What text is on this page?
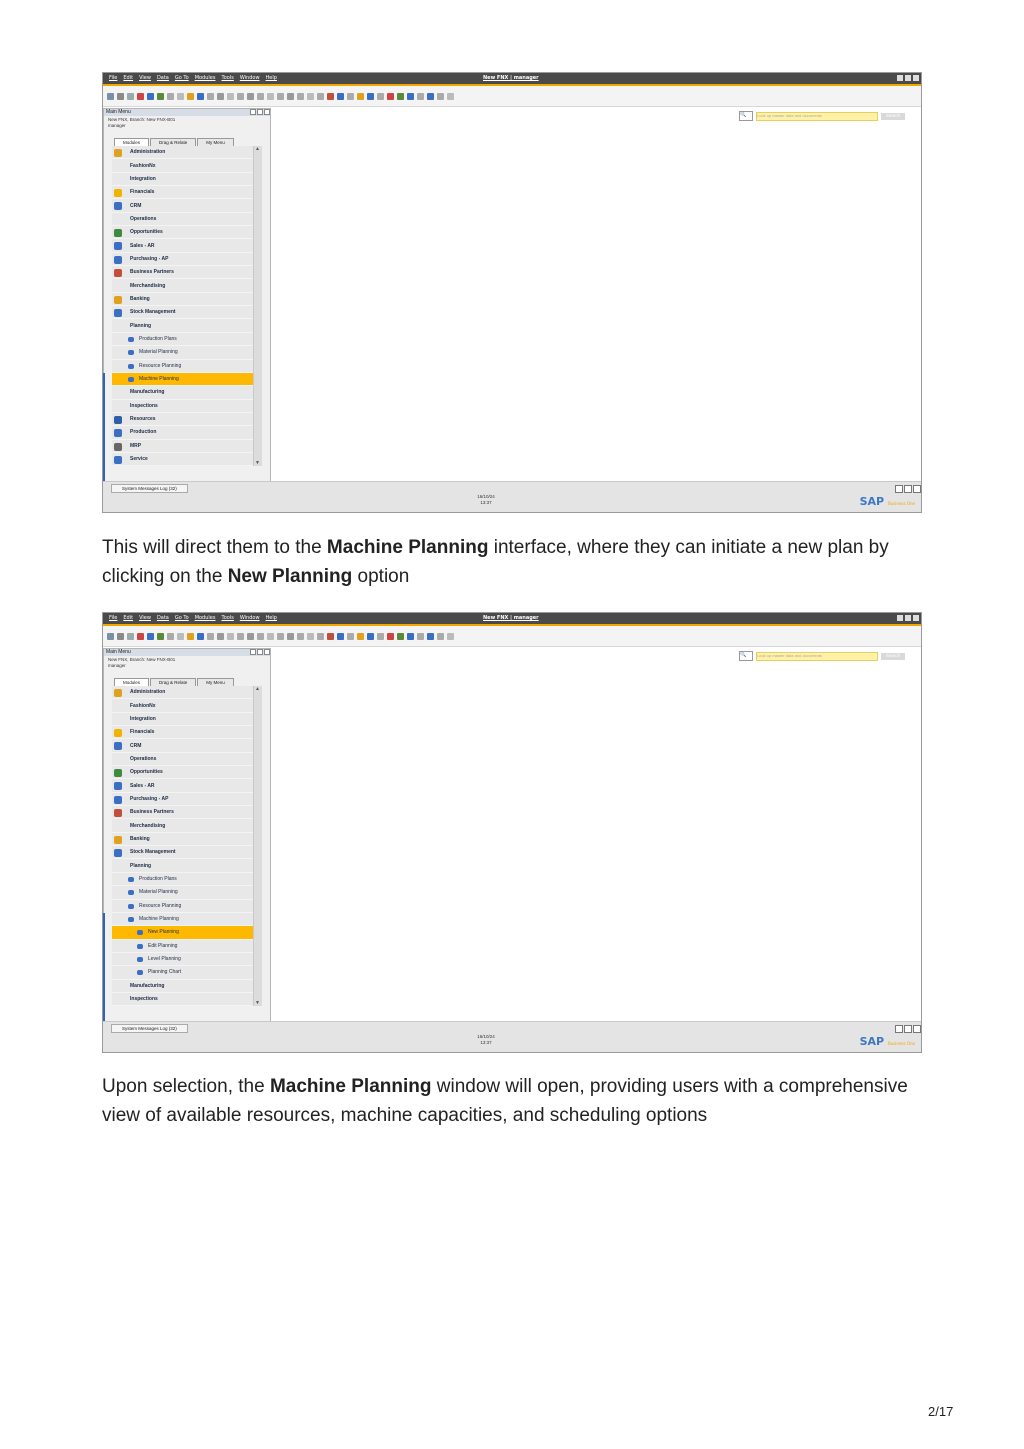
File Edit View Data Go To Modules Tools Window Help	New FNX | manager
Main Menu
New FNX, Branch: New FNX-B01
manager
Modules	Drag & Relate	My Menu
Administration
FashionNx
Integration
Financials
CRM
Operations
Opportunities
Sales - AR
Purchasing - AP
Business Partners
Merchandising
Banking
Stock Management
Planning
Production Plans
Material Planning
Resource Planning
Machine Planning
Manufacturing
Inspections
Resources
Production
MRP
Service
▲
▼
🔍	Look up master data and documents	Search
System Messages Log (32)
16/10/24
13:37	SAP Business One
This will direct them to the Machine Planning interface, where they can initiate a new plan by clicking on the New Planning option
File Edit View Data Go To Modules Tools Window Help	New FNX | manager
Main Menu
New FNX, Branch: New FNX-B01
manager
Modules	Drag & Relate	My Menu
Administration
FashionNx
Integration
Financials
CRM
Operations
Opportunities
Sales - AR
Purchasing - AP
Business Partners
Merchandising
Banking
Stock Management
Planning
Production Plans
Material Planning
Resource Planning
Machine Planning
New Planning
Edit Planning
Level Planning
Planning Chart
Manufacturing
Inspections
▲
▼
🔍	Look up master data and documents	Search
System Messages Log (32)
16/10/24
13:37	SAP Business One
Upon selection, the Machine Planning window will open, providing users with a comprehensive view of available resources, machine capacities, and scheduling options
2/17
